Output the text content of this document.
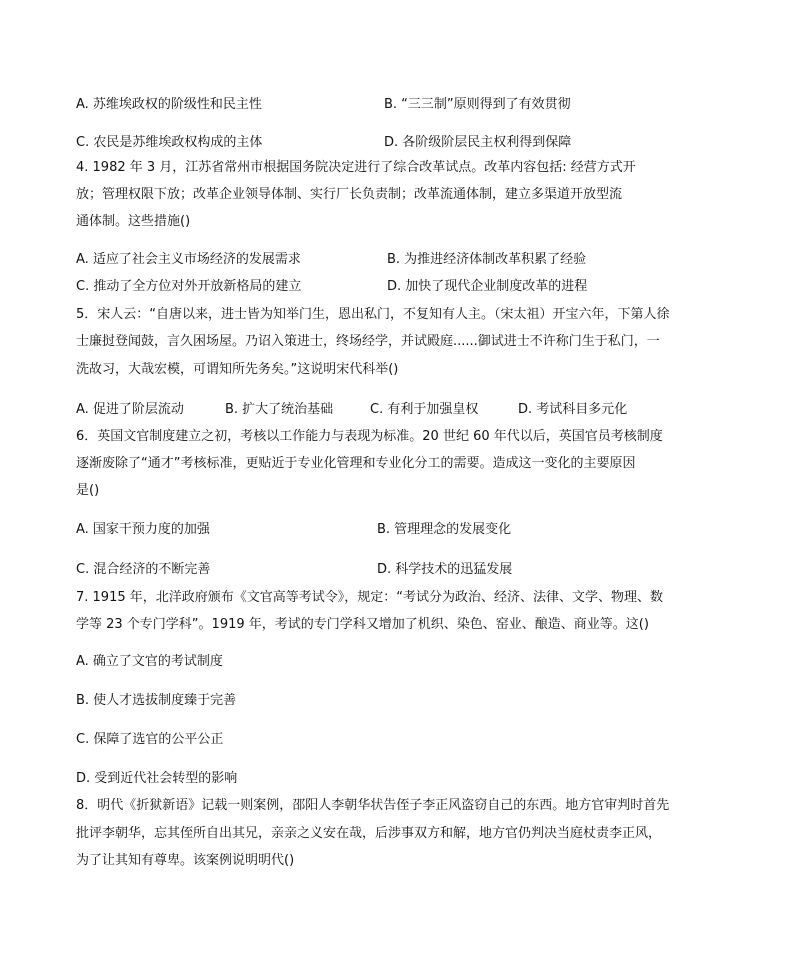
A. 苏维埃政权的阶级性和民主性	B. “三三制”原则得到了有效贯彻
C. 农民是苏维埃政权构成的主体	D. 各阶级阶层民主权利得到保障
4. 1982 年 3 月，江苏省常州市根据国务院决定进行了综合改革试点。改革内容包括: 经营方式开
放；管理权限下放；改革企业领导体制、实行厂长负责制；改革流通体制，建立多渠道开放型流
通体制。这些措施()
A. 适应了社会主义市场经济的发展需求	B. 为推进经济体制改革积累了经验
C. 推动了全方位对外开放新格局的建立	D. 加快了现代企业制度改革的进程
5．宋人云：“自唐以来，进士皆为知举门生，恩出私门，不复知有人主。（宋太祖）开宝六年，下第人徐
士廉挝登闻鼓，言久困场屋。乃诏入策进士，终场经学，并试殿庭......御试进士不许称门生于私门，一
洗故习，大哉宏模，可谓知所先务矣。”这说明宋代科举()
A. 促进了阶层流动	B. 扩大了统治基础	C. 有利于加强皇权	D. 考试科目多元化
6．英国文官制度建立之初，考核以工作能力与表现为标准。20 世纪 60 年代以后，英国官员考核制度
逐渐废除了“通才”考核标准，更贴近于专业化管理和专业化分工的需要。造成这一变化的主要原因
是()
A. 国家干预力度的加强	B. 管理理念的发展变化
C. 混合经济的不断完善	D. 科学技术的迅猛发展
7. 1915 年，北洋政府颁布《文官高等考试令》，规定：“考试分为政治、经济、法律、文学、物理、数
学等 23 个专门学科”。1919 年，考试的专门学科又增加了机织、染色、窑业、酿造、商业等。这()
A. 确立了文官的考试制度
B. 使人才选拔制度臻于完善
C. 保障了选官的公平公正
D. 受到近代社会转型的影响
8．明代《折狱新语》记载一则案例，邵阳人李朝华状告侄子李正风盗窃自己的东西。地方官审判时首先
批评李朝华，忘其侄所自出其兄，亲亲之义安在哉，后涉事双方和解，地方官仍判决当庭杖责李正风，
为了让其知有尊卑。该案例说明明代()
